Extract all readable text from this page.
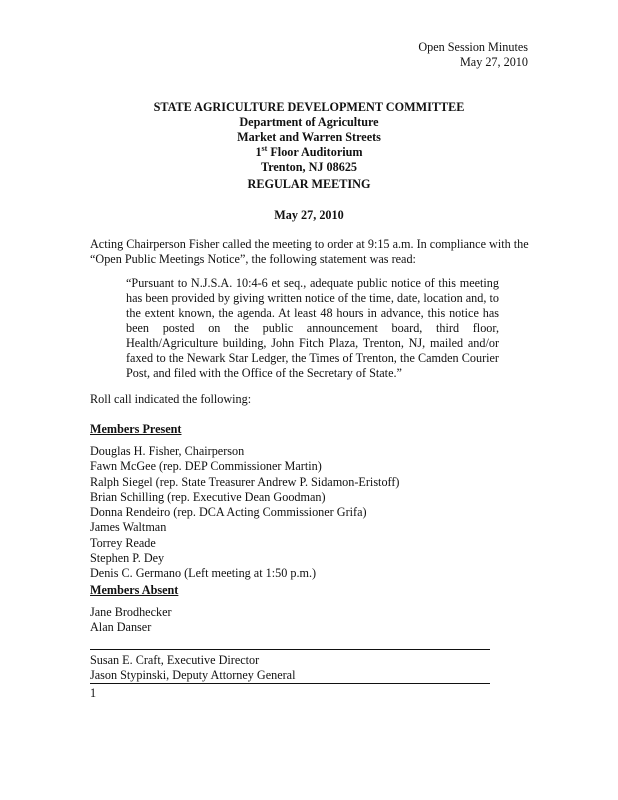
Open Session Minutes
May 27, 2010
STATE AGRICULTURE DEVELOPMENT COMMITTEE
Department of Agriculture
Market and Warren Streets
1st Floor Auditorium
Trenton, NJ 08625
REGULAR MEETING
May 27, 2010
Acting Chairperson Fisher called the meeting to order at 9:15 a.m. In compliance with the “Open Public Meetings Notice”, the following statement was read:
“Pursuant to N.J.S.A. 10:4-6 et seq., adequate public notice of this meeting has been provided by giving written notice of the time, date, location and, to the extent known, the agenda. At least 48 hours in advance, this notice has been posted on the public announcement board, third floor, Health/Agriculture building, John Fitch Plaza, Trenton, NJ, mailed and/or faxed to the Newark Star Ledger, the Times of Trenton, the Camden Courier Post, and filed with the Office of the Secretary of State.”
Roll call indicated the following:
Members Present
Douglas H. Fisher, Chairperson
Fawn McGee (rep. DEP Commissioner Martin)
Ralph Siegel (rep. State Treasurer Andrew P. Sidamon-Eristoff)
Brian Schilling (rep. Executive Dean Goodman)
Donna Rendeiro (rep. DCA Acting Commissioner Grifa)
James Waltman
Torrey Reade
Stephen P. Dey
Denis C. Germano (Left meeting at 1:50 p.m.)
Members Absent
Jane Brodhecker
Alan Danser
Susan E. Craft, Executive Director
Jason Stypinski, Deputy Attorney General
1
